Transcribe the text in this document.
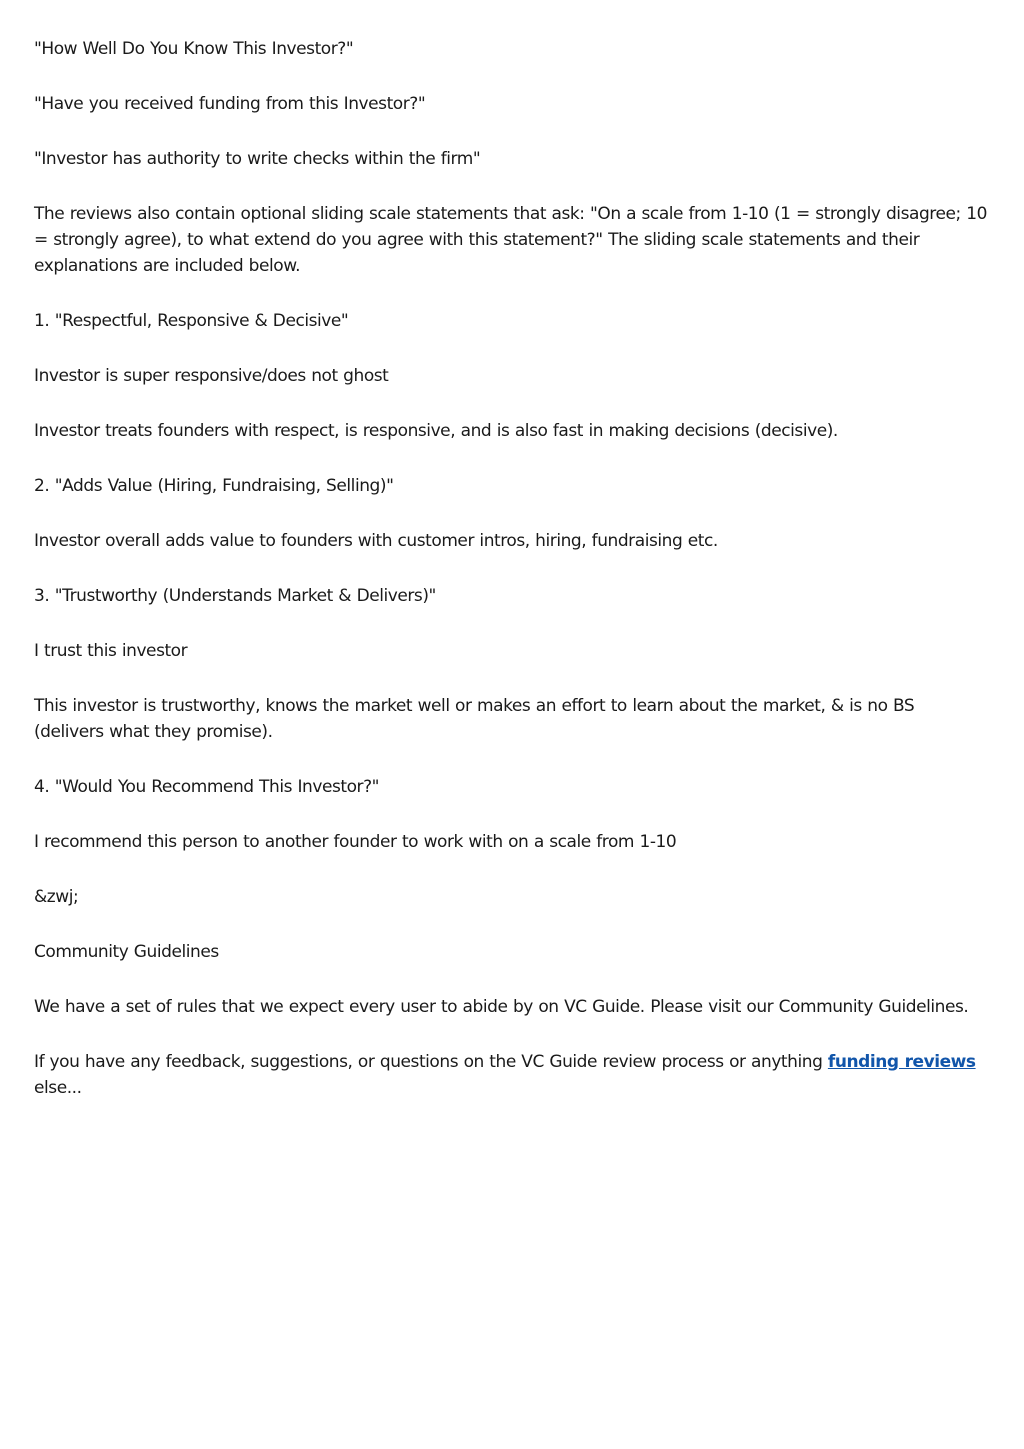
"How Well Do You Know This Investor?"

"Have you received funding from this Investor?"

"Investor has authority to write checks within the firm"

The reviews also contain optional sliding scale statements that ask: "On a scale from 1-10 (1 = strongly disagree; 10 = strongly agree), to what extend do you agree with this statement?" The sliding scale statements and their explanations are included below.

1. "Respectful, Responsive & Decisive"

Investor is super responsive/does not ghost

Investor treats founders with respect, is responsive, and is also fast in making decisions (decisive).

2. "Adds Value (Hiring, Fundraising, Selling)"

Investor overall adds value to founders with customer intros, hiring, fundraising etc.

3. "Trustworthy (Understands Market & Delivers)"

I trust this investor

This investor is trustworthy, knows the market well or makes an effort to learn about the market, & is no BS (delivers what they promise).

4. "Would You Recommend This Investor?"

I recommend this person to another founder to work with on a scale from 1-10

&zwj;

Community Guidelines

We have a set of rules that we expect every user to abide by on VC Guide. Please visit our Community Guidelines.

If you have any feedback, suggestions, or questions on the VC Guide review process or anything funding reviews else...
